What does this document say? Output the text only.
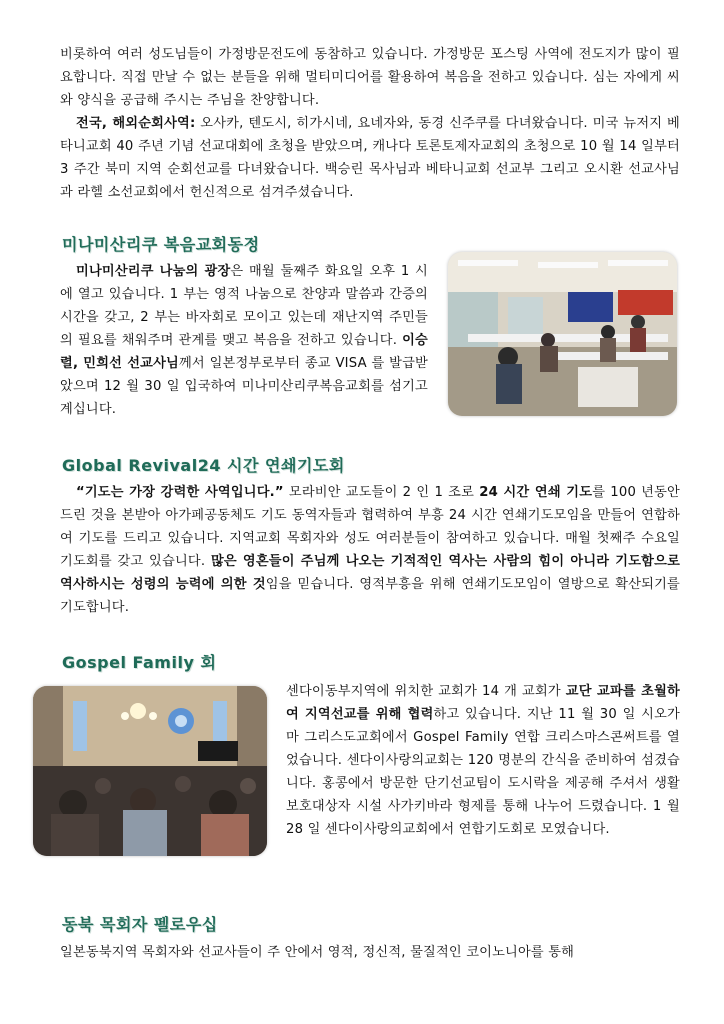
비롯하여 여러 성도님들이 가정방문전도에 동참하고 있습니다. 가정방문 포스팅 사역에 전도지가 많이 필요합니다. 직접 만날 수 없는 분들을 위해 멀티미디어를 활용하여 복음을 전하고 있습니다. 심는 자에게 씨와 양식을 공급해 주시는 주님을 찬양합니다.
전국, 해외순회사역: 오사카, 텐도시, 히가시네, 요네자와, 동경 신주쿠를 다녀왔습니다. 미국 뉴저지 베타니교회 40 주년 기념 선교대회에 초청을 받았으며, 캐나다 토론토제자교회의 초청으로 10 월 14 일부터 3 주간 북미 지역 순회선교를 다녀왔습니다. 백승린 목사님과 베타니교회 선교부 그리고 오시환 선교사님과 라헬 소선교회에서 헌신적으로 섬겨주셨습니다.
미나미산리쿠 복음교회동정
미나미산리쿠 나눔의 광장은 매월 둘째주 화요일 오후 1 시에 열고 있습니다. 1 부는 영적 나눔으로 찬양과 말씀과 간증의 시간을 갖고, 2 부는 바자회로 모이고 있는데 재난지역 주민들의 필요를 채워주며 관계를 맺고 복음을 전하고 있습니다. 이승렬, 민희선 선교사님께서 일본정부로부터 종교 VISA 를 발급받았으며 12 월 30 일 입국하여 미나미산리쿠복음교회를 섬기고 계십니다.
Global Revival24 시간 연쇄기도회
“기도는 가장 강력한 사역입니다.” 모라비안 교도들이 2 인 1 조로 24 시간 연쇄 기도를 100 년동안 드린 것을 본받아 아가페공동체도 기도 동역자들과 협력하여 부흥 24 시간 연쇄기도모임을 만들어 연합하여 기도를 드리고 있습니다. 지역교회 목회자와 성도 여러분들이 참여하고 있습니다. 매월 첫째주 수요일 기도회를 갖고 있습니다. 많은 영혼들이 주님께 나오는 기적적인 역사는 사람의 힘이 아니라 기도함으로 역사하시는 성령의 능력에 의한 것임을 믿습니다. 영적부흥을 위해 연쇄기도모임이 열방으로 확산되기를 기도합니다.
Gospel Family 회
센다이동부지역에 위치한 교회가 14 개 교회가 교단 교파를 초월하여 지역선교를 위해 협력하고 있습니다. 지난 11 월 30 일 시오가마 그리스도교회에서 Gospel Family 연합 크리스마스콘써트를 열었습니다. 센다이사랑의교회는 120 명분의 간식을 준비하여 섬겼습니다. 홍콩에서 방문한 단기선교팀이 도시락을 제공해 주셔서 생활보호대상자 시설 사가키바라 형제를 통해 나누어 드렸습니다. 1 월 28 일 센다이사랑의교회에서 연합기도회로 모였습니다.
동북 목회자 펠로우십
일본동북지역 목회자와 선교사들이 주 안에서 영적, 정신적, 물질적인 코이노니아를 통해
